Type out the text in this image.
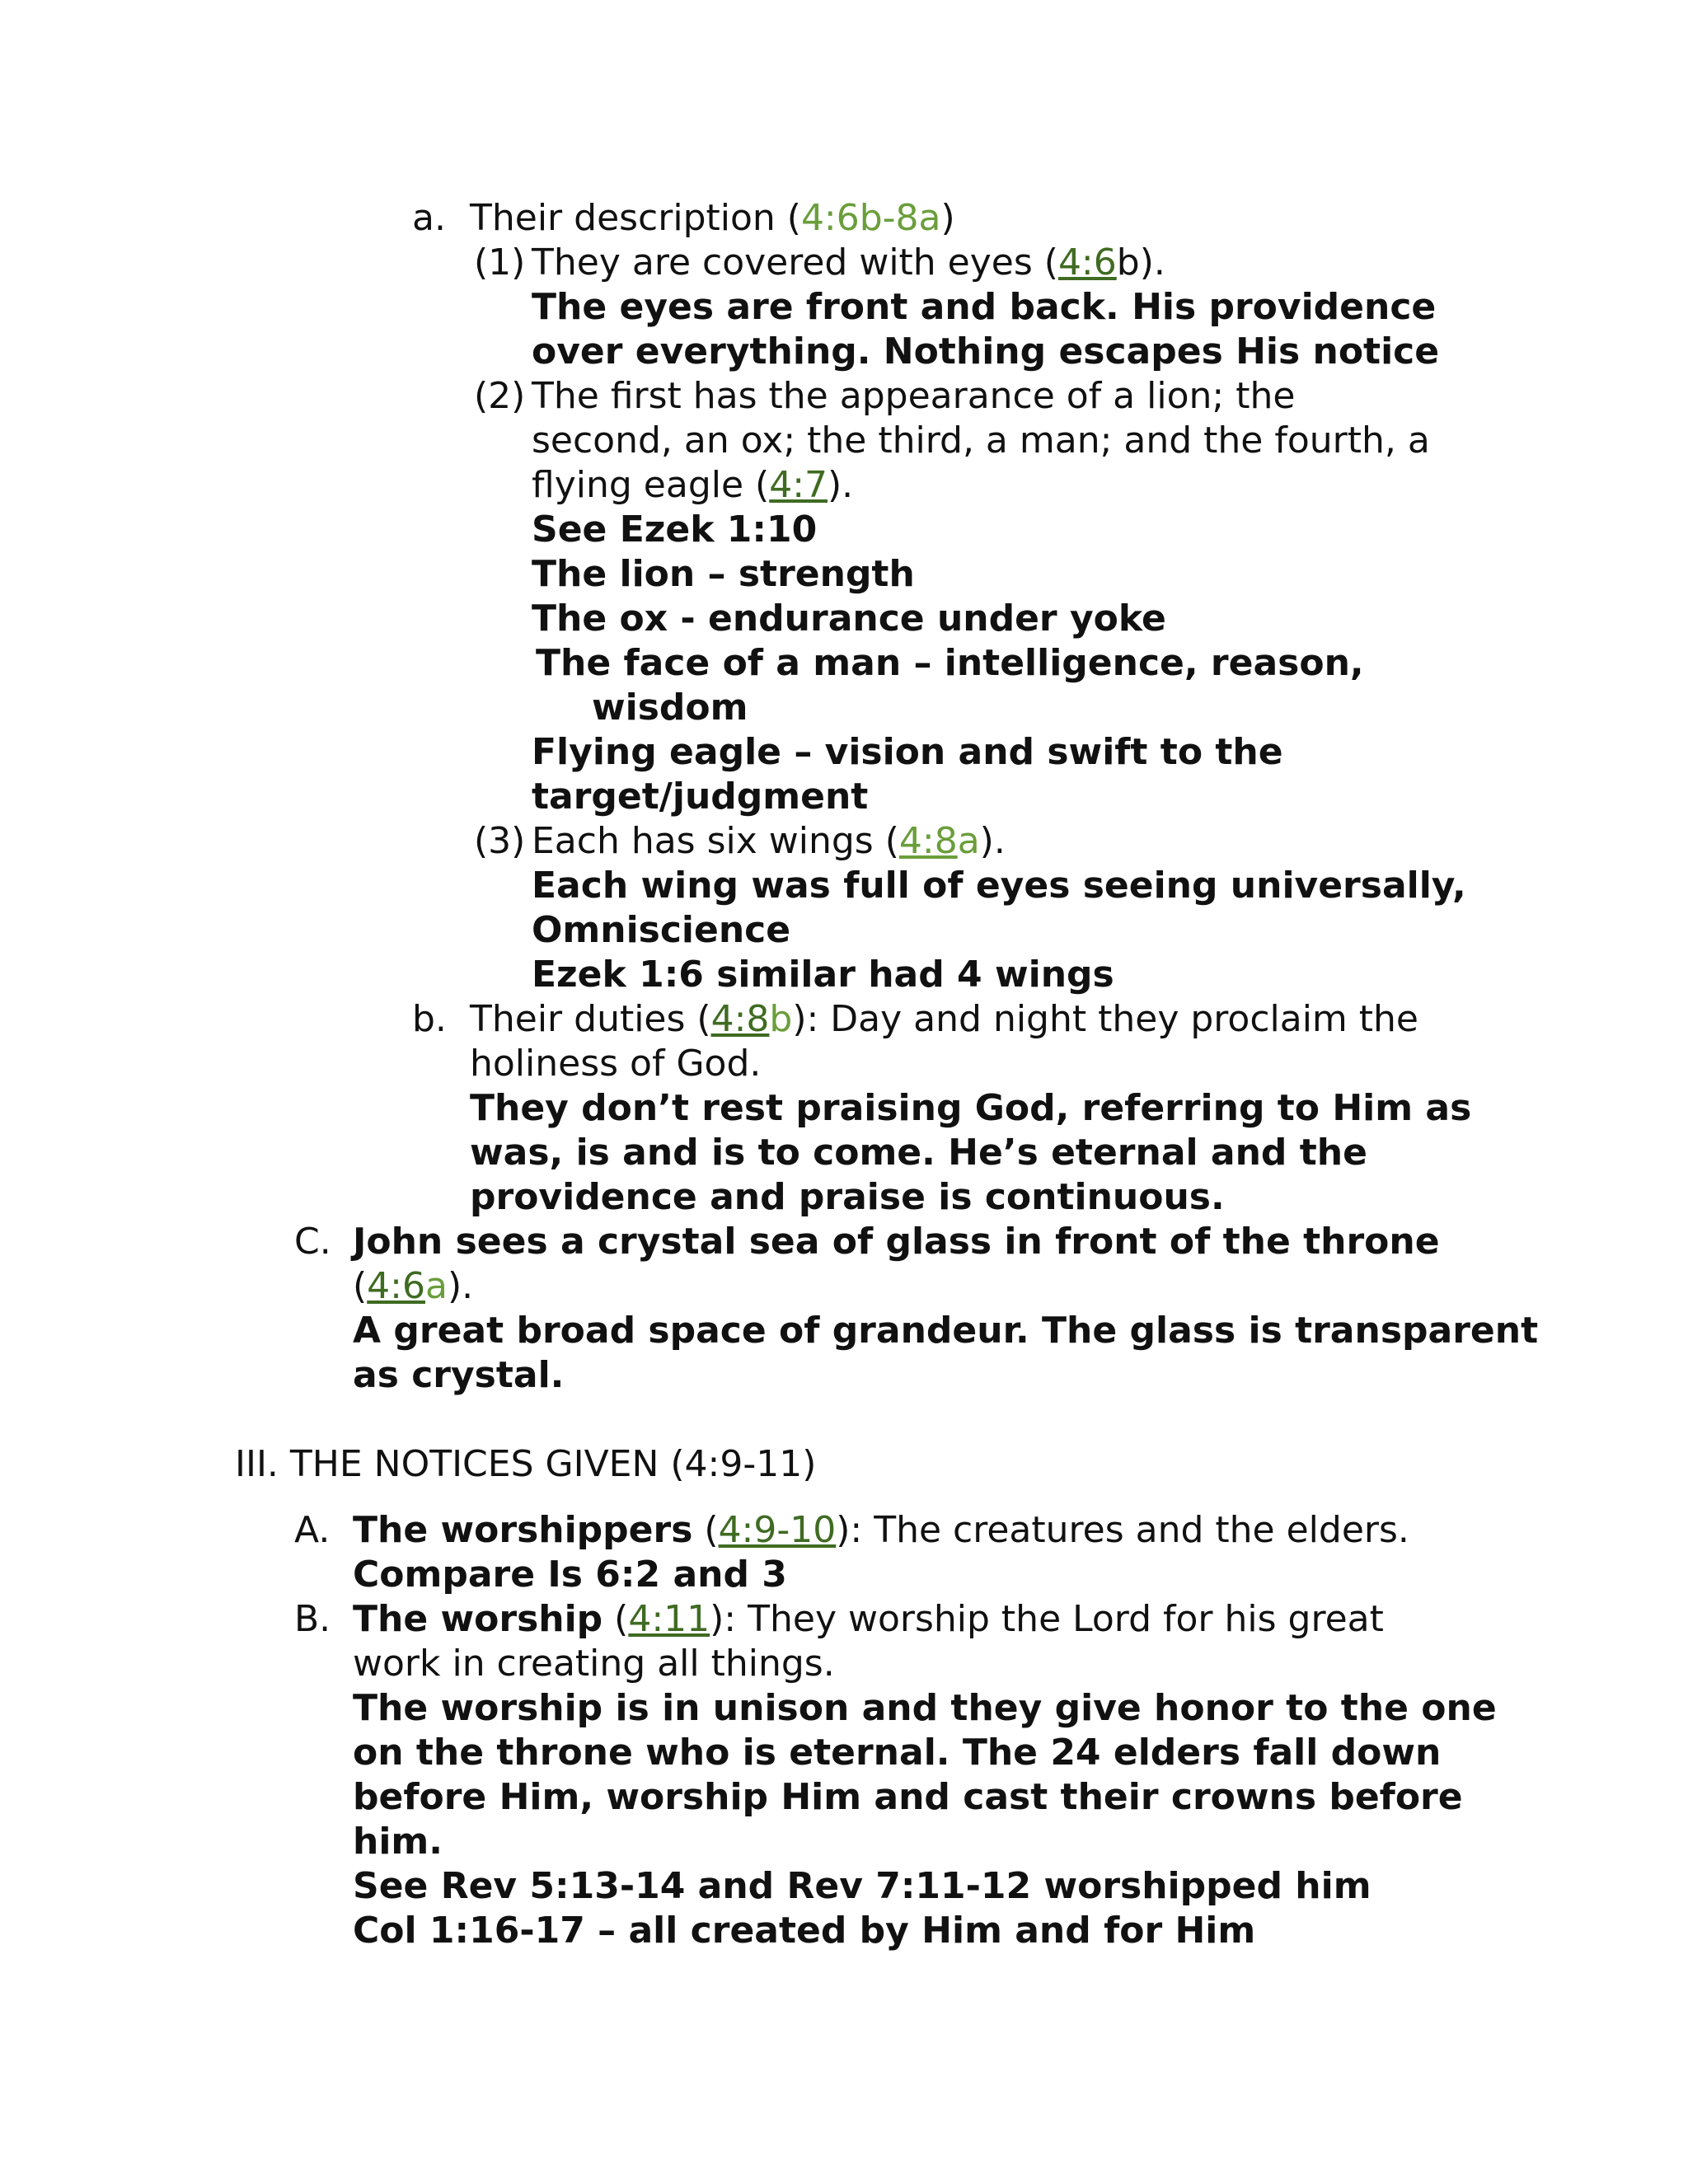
a. Their description (4:6b-8a)
(1) They are covered with eyes (4:6b).
The eyes are front and back. His providence
over everything. Nothing escapes His notice
(2) The first has the appearance of a lion; the
second, an ox; the third, a man; and the fourth, a
flying eagle (4:7).
See Ezek 1:10
The lion – strength
The ox - endurance under yoke
The face of a man – intelligence, reason,
wisdom
Flying eagle – vision and swift to the
target/judgment
(3) Each has six wings (4:8a).
Each wing was full of eyes seeing universally,
Omniscience
Ezek 1:6 similar had 4 wings
b. Their duties (4:8b): Day and night they proclaim the
holiness of God.
They don’t rest praising God, referring to Him as
was, is and is to come. He’s eternal and the
providence and praise is continuous.
C. John sees a crystal sea of glass in front of the throne
(4:6a).
A great broad space of grandeur. The glass is transparent
as crystal.
III. THE NOTICES GIVEN (4:9-11)
A. The worshippers (4:9-10): The creatures and the elders.
Compare Is 6:2 and 3
B. The worship (4:11): They worship the Lord for his great
work in creating all things.
The worship is in unison and they give honor to the one
on the throne who is eternal. The 24 elders fall down
before Him, worship Him and cast their crowns before
him.
See Rev 5:13-14 and Rev 7:11-12 worshipped him
Col 1:16-17 – all created by Him and for Him
